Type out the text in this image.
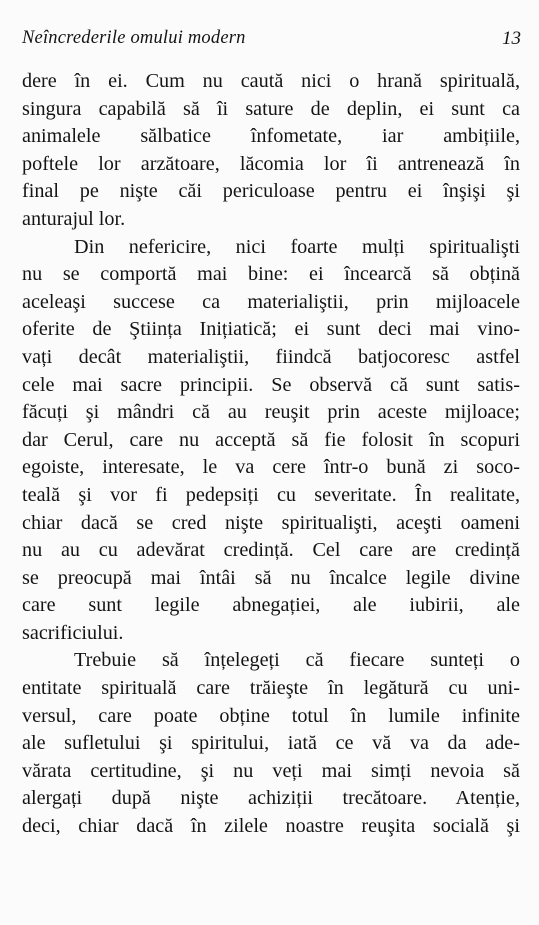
Neîncrederile omului modern	13
dere în ei. Cum nu caută nici o hrană spirituală,
singura capabilă să îi sature de deplin, ei sunt ca
animalele sălbatice înfometate, iar ambițiile,
poftele lor arzătoare, lăcomia lor îi antrenează în
final pe nişte căi periculoase pentru ei înşişi şi
anturajul lor.
Din nefericire, nici foarte mulți spiritualişti
nu se comportă mai bine: ei încearcă să obțină
aceleaşi succese ca materialiştii, prin mijloacele
oferite de Ştiința Inițiatică; ei sunt deci mai vino-
vați decât materialiştii, fiindcă batjocoresc astfel
cele mai sacre principii. Se observă că sunt satis-
făcuți şi mândri că au reuşit prin aceste mijloace;
dar Cerul, care nu acceptă să fie folosit în scopuri
egoiste, interesate, le va cere într-o bună zi soco-
teală şi vor fi pedepsiți cu severitate. În realitate,
chiar dacă se cred nişte spiritualişti, aceşti oameni
nu au cu adevărat credință. Cel care are credință
se preocupă mai întâi să nu încalce legile divine
care sunt legile abnegației, ale iubirii, ale
sacrificiului.
Trebuie să înțelegeți că fiecare sunteți o
entitate spirituală care trăieşte în legătură cu uni-
versul, care poate obține totul în lumile infinite
ale sufletului şi spiritului, iată ce vă va da ade-
vărata certitudine, şi nu veți mai simți nevoia să
alergați după nişte achiziții trecătoare. Atenție,
deci, chiar dacă în zilele noastre reuşita socială şi
